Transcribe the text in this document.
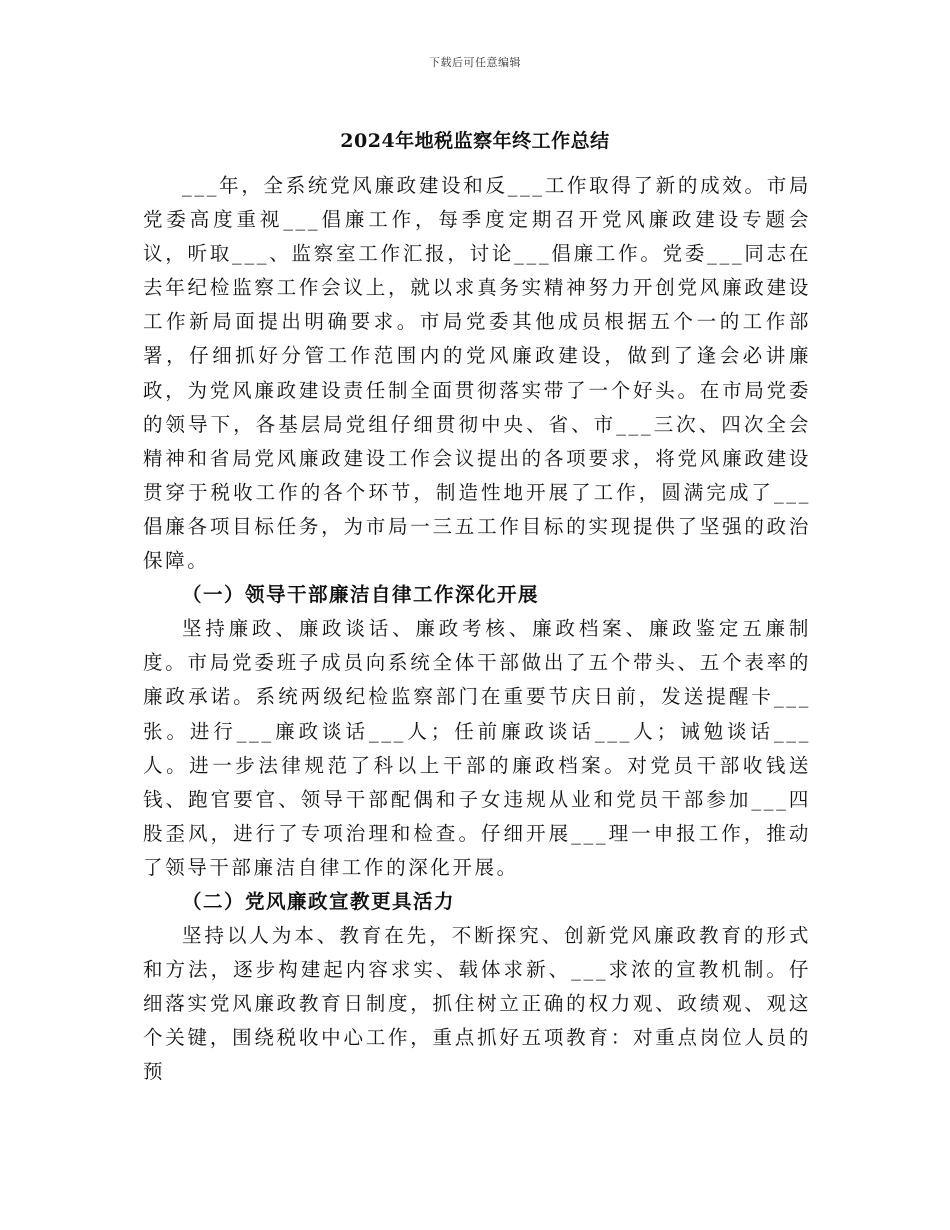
下载后可任意编辑
2024年地税监察年终工作总结

___年，全系统党风廉政建设和反___工作取得了新的成效。市局党委高度重视___倡廉工作，每季度定期召开党风廉政建设专题会议，听取___、监察室工作汇报，讨论___倡廉工作。党委___同志在去年纪检监察工作会议上，就以求真务实精神努力开创党风廉政建设工作新局面提出明确要求。市局党委其他成员根据五个一的工作部署，仔细抓好分管工作范围内的党风廉政建设，做到了逢会必讲廉政，为党风廉政建设责任制全面贯彻落实带了一个好头。在市局党委的领导下，各基层局党组仔细贯彻中央、省、市___三次、四次全会精神和省局党风廉政建设工作会议提出的各项要求，将党风廉政建设贯穿于税收工作的各个环节，制造性地开展了工作，圆满完成了___倡廉各项目标任务，为市局一三五工作目标的实现提供了坚强的政治保障。

（一）领导干部廉洁自律工作深化开展

坚持廉政、廉政谈话、廉政考核、廉政档案、廉政鉴定五廉制度。市局党委班子成员向系统全体干部做出了五个带头、五个表率的廉政承诺。系统两级纪检监察部门在重要节庆日前，发送提醒卡___张。进行___廉政谈话___人；任前廉政谈话___人；诫勉谈话___人。进一步法律规范了科以上干部的廉政档案。对党员干部收钱送钱、跑官要官、领导干部配偶和子女违规从业和党员干部参加___四股歪风，进行了专项治理和检查。仔细开展___理一申报工作，推动了领导干部廉洁自律工作的深化开展。

（二）党风廉政宣教更具活力

坚持以人为本、教育在先，不断探究、创新党风廉政教育的形式和方法，逐步构建起内容求实、载体求新、___求浓的宣教机制。仔细落实党风廉政教育日制度，抓住树立正确的权力观、政绩观、观这个关键，围绕税收中心工作，重点抓好五项教育：对重点岗位人员的预
